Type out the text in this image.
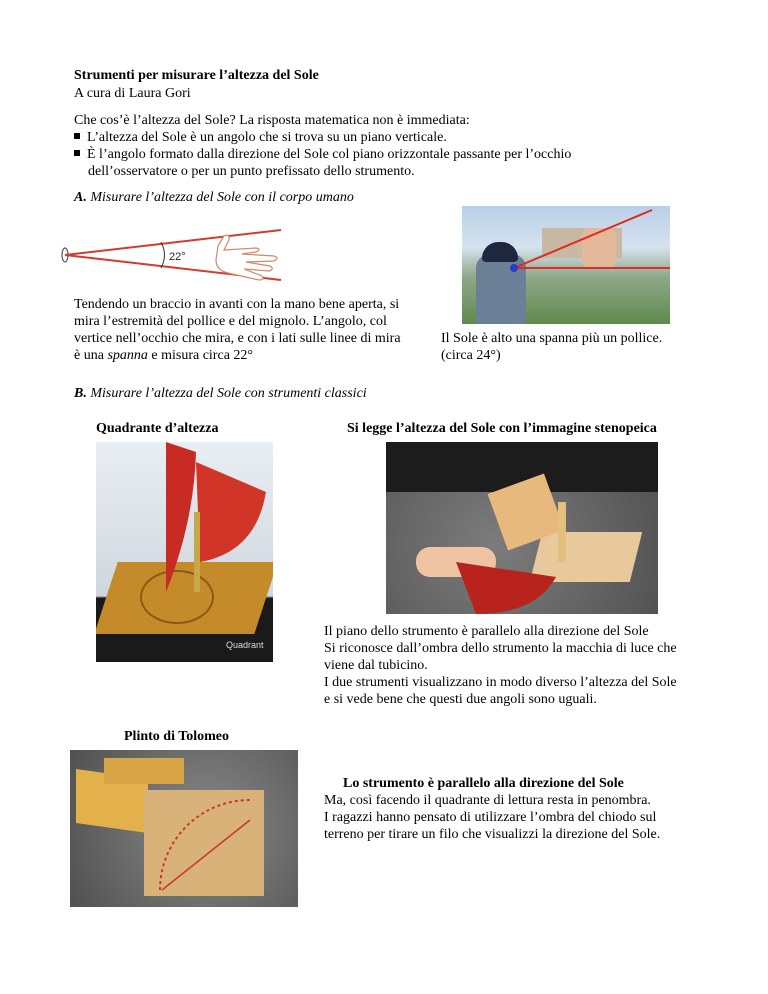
Strumenti per misurare l’altezza del Sole
A cura di Laura Gori
Che cos’è l’altezza del Sole? La risposta matematica non è immediata:
L’altezza del Sole è un angolo che si trova su un piano verticale.
È l’angolo formato dalla direzione del Sole col piano orizzontale passante per l’occhio
dell’osservatore o per un punto prefissato dello strumento.
A. Misurare l’altezza del Sole con il corpo umano
22°
Tendendo un braccio in avanti con la mano bene aperta, si
mira l’estremità del pollice e del mignolo. L’angolo, col
vertice nell’occhio che mira, e con i lati sulle linee di mira
è una spanna e misura circa 22°
Il Sole è alto una spanna più un pollice.
(circa 24°)
B. Misurare l’altezza del Sole con strumenti classici
Quadrante d’altezza	Si legge l’altezza del Sole con l’immagine stenopeica
Quadrant
Il piano dello strumento è parallelo alla direzione del Sole
Si riconosce dall’ombra dello strumento la macchia di luce che
viene dal tubicino.
I due strumenti visualizzano in modo diverso l’altezza del Sole
e si vede bene che questi due angoli sono uguali.
Plinto di Tolomeo
Lo strumento è parallelo alla direzione del Sole
Ma, così facendo il quadrante di lettura resta in penombra.
I ragazzi hanno pensato di utilizzare l’ombra del chiodo sul
terreno per tirare un filo che visualizzi la direzione del Sole.
